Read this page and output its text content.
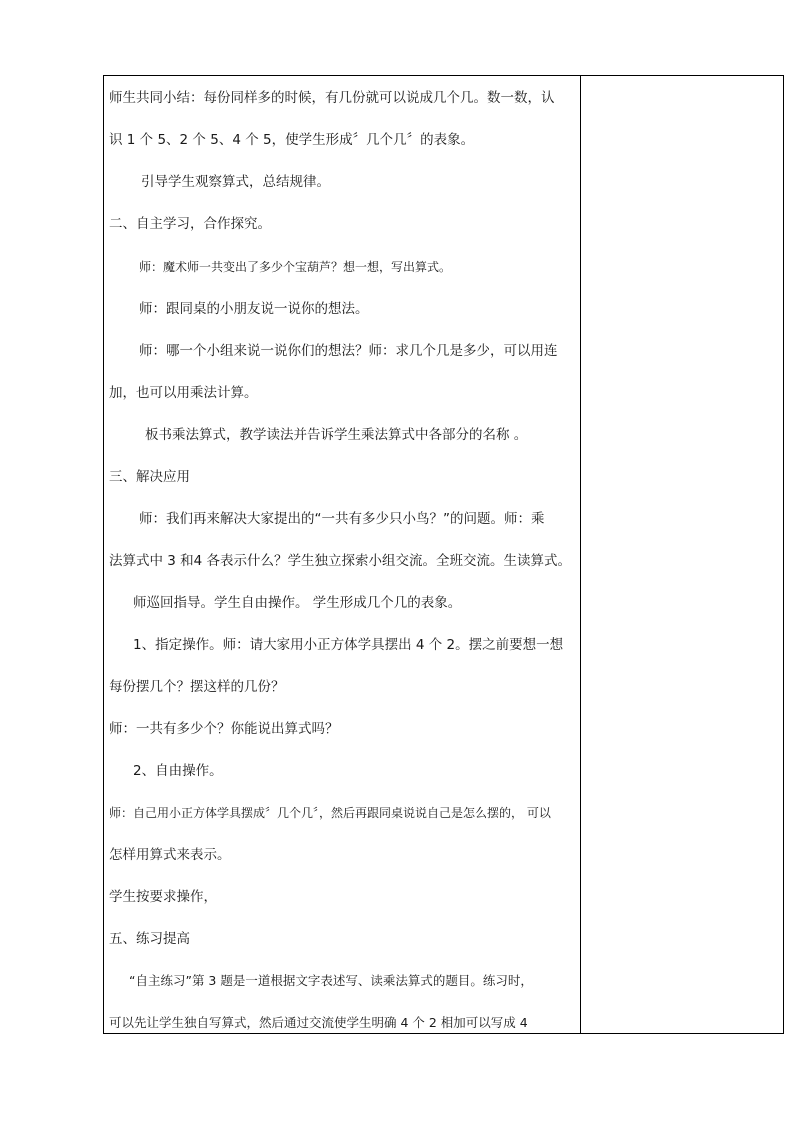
师生共同小结：每份同样多的时候，有几份就可以说成几个几。数一数，认
识 1 个 5、2 个 5、4 个 5，使学生形成〞几个几〞的表象。
引导学生观察算式，总结规律。
二、自主学习，合作探究。
师：魔术师一共变出了多少个宝葫芦？想一想，写出算式。
师：跟同桌的小朋友说一说你的想法。
师：哪一个小组来说一说你们的想法？师：求几个几是多少，可以用连
加，也可以用乘法计算。
板书乘法算式，教学读法并告诉学生乘法算式中各部分的名称 。
三、解决应用
师：我们再来解决大家提出的“一共有多少只小鸟？”的问题。师：乘
法算式中 3 和4 各表示什么？学生独立探索小组交流。全班交流。生读算式。
师巡回指导。学生自由操作。 学生形成几个几的表象。
1、指定操作。师：请大家用小正方体学具摆出 4 个 2。摆之前要想一想
每份摆几个？摆这样的几份？
师：一共有多少个？你能说出算式吗？
2、自由操作。
师：自己用小正方体学具摆成〞几个几〞，然后再跟同桌说说自己是怎么摆的， 可以
怎样用算式来表示。
学生按要求操作，
五、练习提高
“自主练习”第 3 题是一道根据文字表述写、读乘法算式的题目。练习时，
可以先让学生独自写算式，然后通过交流使学生明确 4 个 2 相加可以写成 4
